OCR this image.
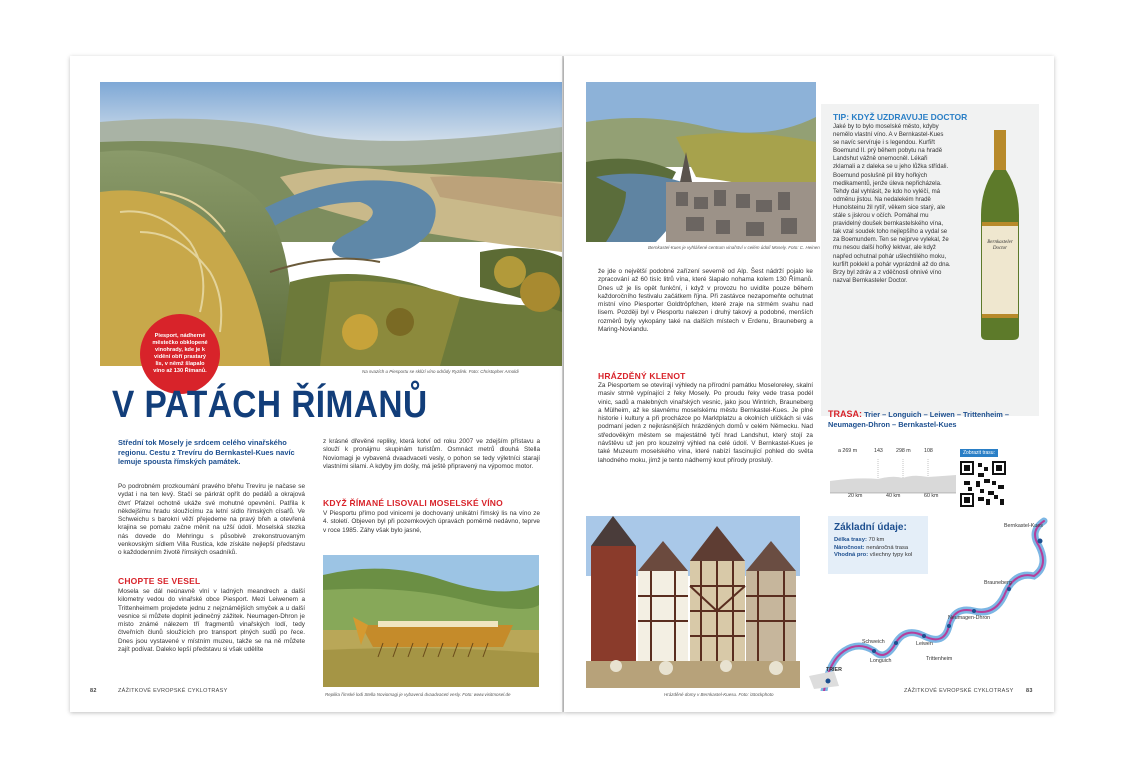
Na svazích u Piesportu se sklízí víno odrůdy Ryzlink. Foto: Christopher Arnoldi
Piesport, nádherné městečko obklopené vinohrady, kde je k vidění obří prastarý lis, v němž šlapalo víno až 130 Římanů.
V PATÁCH ŘÍMANŮ
Střední tok Mosely je srdcem celého vinařského regionu. Cestu z Trevíru do Bernkastel-Kues navíc lemuje spousta římských památek.
Po podrobném prozkoumání pravého břehu Trevíru je načase se vydat i na ten levý. Stačí se párkrát opřít do pedálů a okrajová čtvrť Pfalzel ochotně ukáže své mohutné opevnění. Patřila k někdejšímu hradu sloužícímu za letní sídlo římských císařů. Ve Schweichu s barokní věží přejedeme na pravý břeh a otevřená krajina se pomalu začne měnit na užší údolí. Moselská stezka nás dovede do Mehringu s působivě zrekonstruovaným venkovským sídlem Villa Rustica, kde získáte nejlepší představu o každodenním životě římských osadníků.
CHOPTE SE VESEL
Mosela se dál neúnavně vlní v ladných meandrech a další kilometry vedou do vinařské obce Piesport. Mezi Leiwenem a Trittenheimem projedete jednu z nejznámějších smyček a u další vesnice si můžete doplnit jedinečný zážitek. Neumagen-Dhron je místo známé nálezem tří fragmentů vinařských lodí, tedy čtveřních člunů sloužících pro transport plných sudů po řece. Dnes jsou vystavené v místním muzeu, takže se na ně můžete zajít podívat. Daleko lepší představu si však udělíte
z krásné dřevěné repliky, která kotví od roku 2007 ve zdejším přístavu a slouží k pronájmu skupinám turistům. Osmnáct metrů dlouhá Stella Noviomagi je vybavená dvaadvaceti vesly, o pohon se tedy výletníci starají vlastními silami. A kdyby jim došly, má ještě připravený na výpomoc motor.
KDYŽ ŘÍMANÉ LISOVALI MOSELSKÉ VÍNO
V Piesportu přímo pod vinicemi je dochovaný unikátní římský lis na víno ze 4. století. Objeven byl při pozemkových úpravách poměrně nedávno, teprve v roce 1985. Záhy však bylo jasné,
Replika římské lodi Stella Noviomagi je vybavená dvaadvaceti vesly. Foto: www.visitmosel.de
82	ZÁŽITKOVÉ EVROPSKÉ CYKLOTRASY
Bernkastel-Kues je vyhlášené centrum vinařství v celém údolí Mosely. Foto: C. Heinen
že jde o největší podobné zařízení severně od Alp. Šest nádrží pojalo ke zpracování až 60 tisíc litrů vína, které šlapalo nohama kolem 130 Římanů. Dnes už je lis opět funkční, i když v provozu ho uvidíte pouze během každoročního festivalu začátkem října. Při zastávce nezapomeňte ochutnat místní víno Piesporter Goldtröpfchen, které zraje na strmém svahu nad lisem. Později byl v Piesportu nalezen i druhý takový a podobné, menších rozměrů byly vykopány také na dalších místech v Erdenu, Brauneberg a Maring-Noviandu.
HRÁZDĚNÝ KLENOT
Za Piesportem se otevírají výhledy na přírodní památku Moseloreley, skalní masiv strmě vypínající z řeky Mosely. Po proudu řeky vede trasa podél vinic, sadů a malebných vinařských vesnic, jako jsou Wintrich, Brauneberg a Mülheim, až ke slavnému moselskému městu Bernkastel-Kues. Je plné historie i kultury a při procházce po Marktplatzu a okolních uličkách si vás podmaní jeden z nejkrásnějších hrázděných domů v celém Německu. Nad středověkým městem se majestátně tyčí hrad Landshut, který stojí za návštěvu už jen pro kouzelný výhled na celé údolí. V Bernkastel-Kues je také Muzeum moselského vína, které nabízí fascinující pohled do světa lahodného moku, jímž je tento nádherný kout přírody proslulý.
Hrázděné domy v Bernkastel-Kuesu. Foto: iStockphoto
TIP: KDYŽ UZDRAVUJE DOCTOR
Jaké by to bylo moselské město, kdyby nemělo vlastní víno. A v Bernkastel-Kues se navíc servíruje i s legendou. Kurfiřt Boemund II. prý během pobytu na hradě Landshut vážně onemocněl. Lékaři zklamali a z daleka se u jeho lůžka střídali. Boemund poslušně pil litry hořkých medikamentů, jenže úleva nepřicházela. Tehdy dal vyhlásit, že kdo ho vyléčí, má odměnu jistou. Na nedalekém hradě Hunolsteinu žil rytíř, věkem sice starý, ale stále s jiskrou v očích. Pomáhal mu pravidelný doušek bernkastelského vína, tak vzal soudek toho nejlepšího a vydal se za Boemundem. Ten se nejprve vylekal, že mu nesou další hořký lektvar, ale když napřed ochutnal pohár ušlechtilého moku, kurfiřt poklekl a pohár vyprázdnil až do dna. Brzy byl zdráv a z vděčnosti ohnivé víno nazval Bernkasteler Doctor.
Bernkasteler Doctor
TRASA: Trier – Longuich – Leiwen – Trittenheim – Neumagen-Dhron – Bernkastel-Kues
a 269 m	143 298 m	108
20 km	40 km	60 km
Zobrazit trasu:
Základní údaje:
Délka trasy: 70 km
Náročnost: nenáročná trasa
Vhodná pro: všechny typy kol
TRIER
Schweich
Longuich
Leiwen
Trittenheim
Neumagen-Dhron
Brauneberg
Bernkastel-Kues
ZÁŽITKOVÉ EVROPSKÉ CYKLOTRASY 83
